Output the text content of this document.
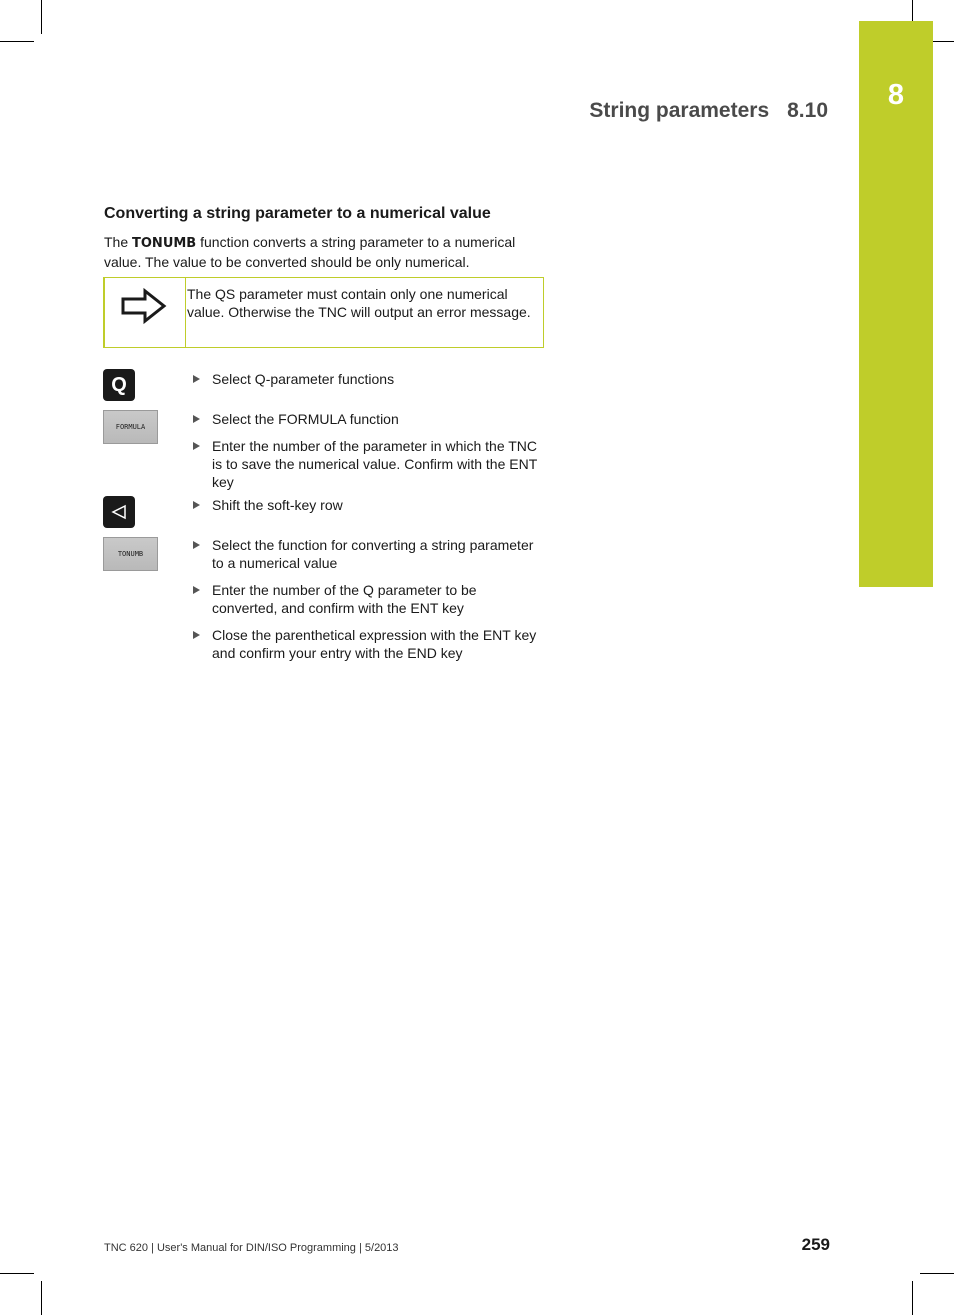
8
String parameters 8.10
Converting a string parameter to a numerical value

The TONUMB function converts a string parameter to a numerical value. The value to be converted should be only numerical.

The QS parameter must contain only one numerical value. Otherwise the TNC will output an error message.

Q
FORMULA
TONUMB
Select Q-parameter functions
Select the FORMULA function
Enter the number of the parameter in which the TNC is to save the numerical value. Confirm with the ENT key
Shift the soft-key row
Select the function for converting a string parameter to a numerical value
Enter the number of the Q parameter to be converted, and confirm with the ENT key
Close the parenthetical expression with the ENT key and confirm your entry with the END key
TNC 620 | User's Manual for DIN/ISO Programming | 5/2013	259
